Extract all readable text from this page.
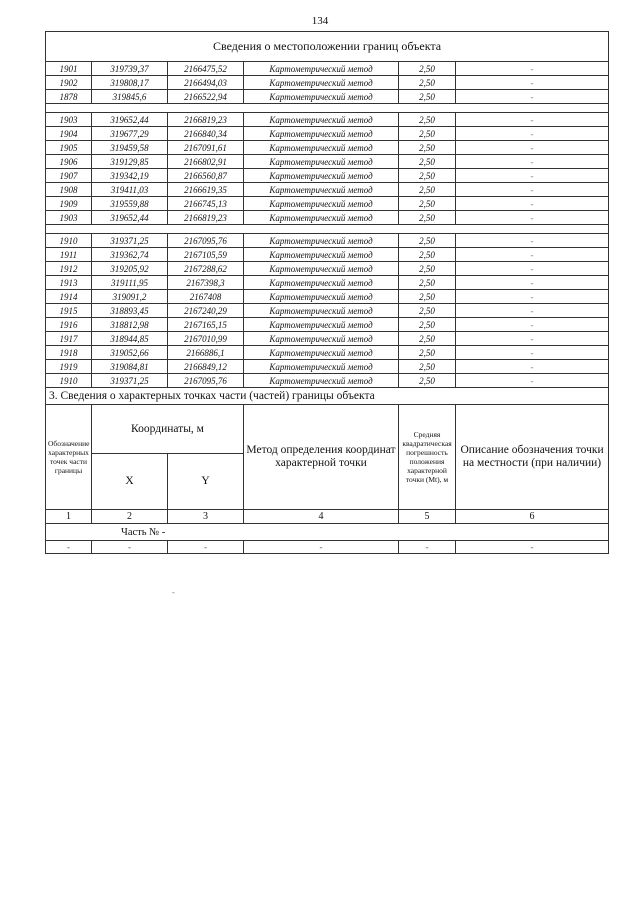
134
Сведения о местоположении границ объекта					
1901	319739,37	2166475,52	Картометрический метод	2,50	-
1902	319808,17	2166494,03	Картометрический метод	2,50	-
1878	319845,6	2166522,94	Картометрический метод	2,50	-

1903	319652,44	2166819,23	Картометрический метод	2,50	-
1904	319677,29	2166840,34	Картометрический метод	2,50	-
1905	319459,58	2167091,61	Картометрический метод	2,50	-
1906	319129,85	2166802,91	Картометрический метод	2,50	-
1907	319342,19	2166560,87	Картометрический метод	2,50	-
1908	319411,03	2166619,35	Картометрический метод	2,50	-
1909	319559,88	2166745,13	Картометрический метод	2,50	-
1903	319652,44	2166819,23	Картометрический метод	2,50	-

1910	319371,25	2167095,76	Картометрический метод	2,50	-
1911	319362,74	2167105,59	Картометрический метод	2,50	-
1912	319205,92	2167288,62	Картометрический метод	2,50	-
1913	319111,95	2167398,3	Картометрический метод	2,50	-
1914	319091,2	2167408	Картометрический метод	2,50	-
1915	318893,45	2167240,29	Картометрический метод	2,50	-
1916	318812,98	2167165,15	Картометрический метод	2,50	-
1917	318944,85	2167010,99	Картометрический метод	2,50	-
1918	319052,66	2166886,1	Картометрический метод	2,50	-
1919	319084,81	2166849,12	Картометрический метод	2,50	-
1910	319371,25	2167095,76	Картометрический метод	2,50	-
3. Сведения о характерных точках части (частей) границы объекта					
Обозначение характерных точек части границы	Координаты, м		Метод определения координат характерной точки	Средняя квадратическая погрешность положения характерной точки (Mt), м	Описание обозначения точки на местности (при наличии)
	X	Y			
1	2	3	4	5	6
Часть № -					
-	-	-	-	-	-
-
